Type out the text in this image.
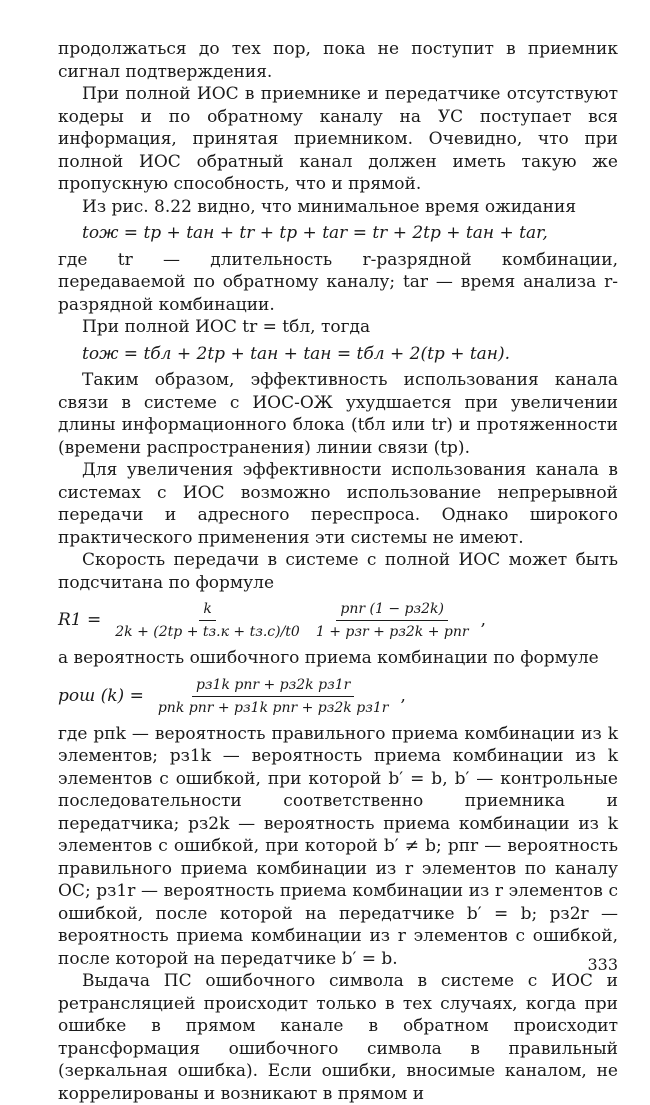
продолжаться до тех пор, пока не поступит в приемник сигнал подтверждения.

При полной ИОС в приемнике и передатчике отсутствуют кодеры и по обратному каналу на УС поступает вся информация, принятая приемником. Очевидно, что при полной ИОС обратный канал должен иметь такую же пропускную способность, что и прямой.

Из рис. 8.22 видно, что минимальное время ожидания

tож = tр + tан + tr + tр + tаr = tr + 2tр + tан + tаr,

где tr — длительность r-разрядной комбинации, передаваемой по обратному каналу; tаr — время анализа r-разрядной комбинации.

При полной ИОС tr = tбл, тогда

tож = tбл + 2tр + tан + tан = tбл + 2(tр + tан).

Таким образом, эффективность использования канала связи в системе с ИОС-ОЖ ухудшается при увеличении длины информационного блока (tбл или tr) и протяженности (времени распространения) линии связи (tр).

Для увеличения эффективности использования канала в системах с ИОС возможно использование непрерывной передачи и адресного переспроса. Однако широкого практического применения эти системы не имеют.

Скорость передачи в системе с полной ИОС может быть подсчитана по формуле

$R1 = \frac{k}{2k + (2tр + tз.к + tз.с)/t0} \frac{\text{pпr (1 − pз2k)}}{\text{1 + pзr + pз2k + pпr}}$ ,

а вероятность ошибочного приема комбинации по формуле

pош $(k) = \frac{\text{pз1k pпr + pз2k pз1r}}{\text{pпk pпr + pз1k pпr + pз2k pз1r}}$ ,

где pпk — вероятность правильного приема комбинации из k элементов; pз1k — вероятность приема комбинации из k элементов с ошибкой, при которой b′ = b, b′ — контрольные последовательности соответственно приемника и передатчика; pз2k — вероятность приема комбинации из k элементов с ошибкой, при которой b′ ≠ b; pпr — вероятность правильного приема комбинации из r элементов по каналу ОС; pз1r — вероятность приема комбинации из r элементов с ошибкой, после которой на передатчике b′ = b; pз2r — вероятность приема комбинации из r элементов с ошибкой, после которой на передатчике b′ = b.

Выдача ПС ошибочного символа в системе с ИОС и ретрансляцией происходит только в тех случаях, когда при ошибке в прямом канале в обратном происходит трансформация ошибочного символа в правильный (зеркальная ошибка). Если ошибки, вносимые каналом, не коррелированы и возникают в прямом и

333
